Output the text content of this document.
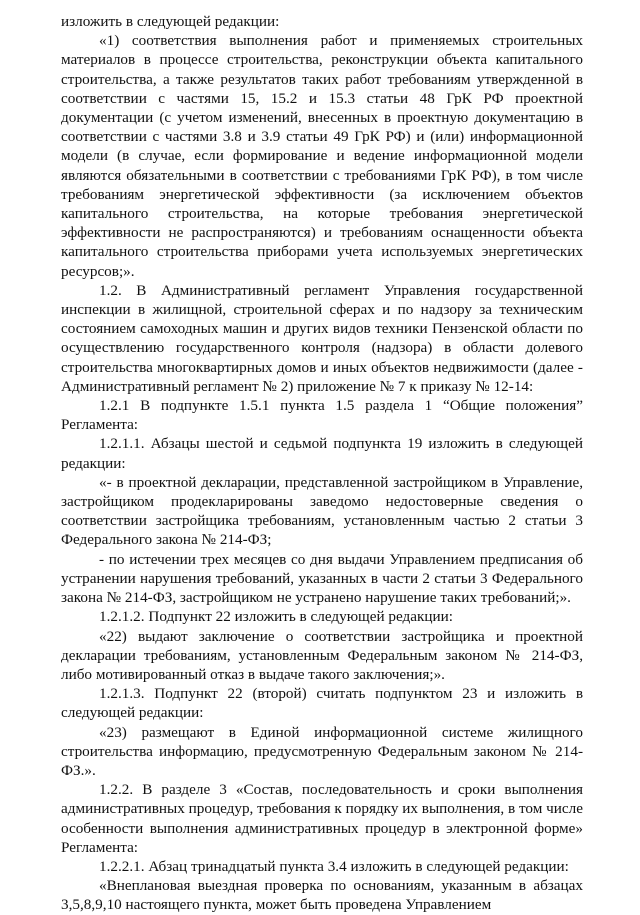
изложить в следующей редакции:

«1) соответствия выполнения работ и применяемых строительных материалов в процессе строительства, реконструкции объекта капитального строительства, а также результатов таких работ требованиям утвержденной в соответствии с частями 15, 15.2 и 15.3 статьи 48 ГрК РФ проектной документации (с учетом изменений, внесенных в проектную документацию в соответствии с частями 3.8 и 3.9 статьи 49 ГрК РФ) и (или) информационной модели (в случае, если формирование и ведение информационной модели являются обязательными в соответствии с требованиями ГрК РФ), в том числе требованиям энергетической эффективности (за исключением объектов капитального строительства, на которые требования энергетической эффективности не распространяются) и требованиям оснащенности объекта капитального строительства приборами учета используемых энергетических ресурсов;».

1.2. В Административный регламент Управления государственной инспекции в жилищной, строительной сферах и по надзору за техническим состоянием самоходных машин и других видов техники Пензенской области по осуществлению государственного контроля (надзора) в области долевого строительства многоквартирных домов и иных объектов недвижимости (далее - Административный регламент № 2) приложение № 7 к приказу № 12-14:

1.2.1 В подпункте 1.5.1 пункта 1.5 раздела 1 “Общие положения” Регламента:

1.2.1.1. Абзацы шестой и седьмой подпункта 19 изложить в следующей редакции:

«- в проектной декларации, представленной застройщиком в Управление, застройщиком продекларированы заведомо недостоверные сведения о соответствии застройщика требованиям, установленным частью 2 статьи 3 Федерального закона № 214-ФЗ;

- по истечении трех месяцев со дня выдачи Управлением предписания об устранении нарушения требований, указанных в части 2 статьи 3 Федерального закона № 214-ФЗ, застройщиком не устранено нарушение таких требований;».

1.2.1.2. Подпункт 22 изложить в следующей редакции:

«22) выдают заключение о соответствии застройщика и проектной декларации требованиям, установленным Федеральным законом № 214-ФЗ, либо мотивированный отказ в выдаче такого заключения;».

1.2.1.3. Подпункт 22 (второй) считать подпунктом 23 и изложить в следующей редакции:

«23) размещают в Единой информационной системе жилищного строительства информацию, предусмотренную Федеральным законом № 214-ФЗ.».

1.2.2. В разделе 3 «Состав, последовательность и сроки выполнения административных процедур, требования к порядку их выполнения, в том числе особенности выполнения административных процедур в электронной форме» Регламента:

1.2.2.1. Абзац тринадцатый пункта 3.4 изложить в следующей редакции:

«Внеплановая выездная проверка по основаниям, указанным в абзацах 3,5,8,9,10 настоящего пункта, может быть проведена Управлением
